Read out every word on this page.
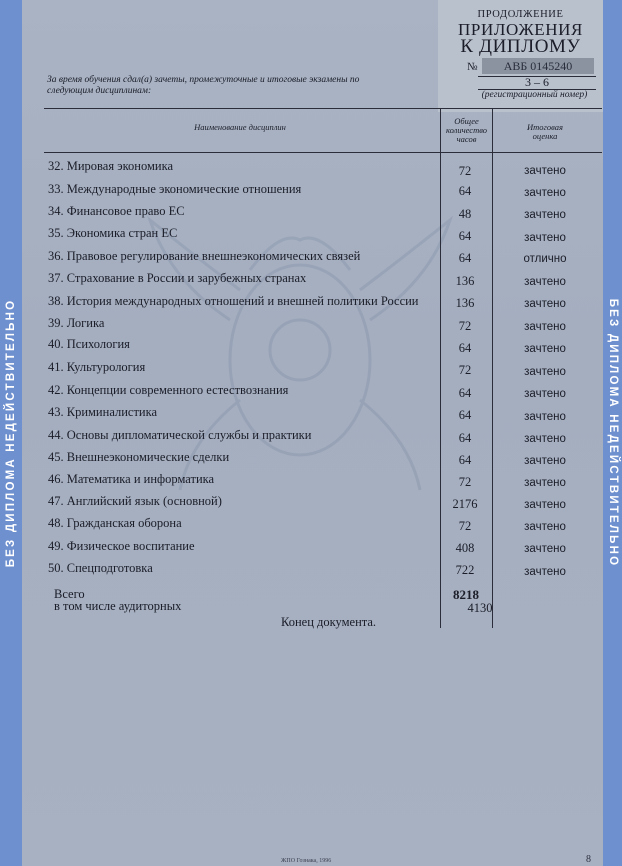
БЕЗ ДИПЛОМА НЕДЕЙСТВИТЕЛЬНО	БЕЗ ДИПЛОМА НЕДЕЙСТВИТЕЛЬНО
ПРОДОЛЖЕНИЕ
ПРИЛОЖЕНИЯ
К ДИПЛОМУ
№	АВБ 0145240
3 – 6
(регистрационный номер)
За время обучения сдал(а) зачеты, промежуточные и итоговые экзамены по следующим дисциплинам:
Наименование дисциплин
Общее
количество
часов
Итоговая
оценка
32. Мировая экономика	72	зачтено
33. Международные экономические отношения	64	зачтено
34. Финансовое право ЕС	48	зачтено
35. Экономика стран ЕС	64	зачтено
36. Правовое регулирование внешнеэкономических связей	64	отлично
37. Страхование в России и зарубежных странах	136	зачтено
38. История международных отношений и внешней политики России	136	зачтено
39. Логика	72	зачтено
40. Психология	64	зачтено
41. Культурология	72	зачтено
42. Концепции современного естествознания	64	зачтено
43. Криминалистика	64	зачтено
44. Основы дипломатической службы и практики	64	зачтено
45. Внешнеэкономические сделки	64	зачтено
46. Математика и информатика	72	зачтено
47. Английский язык (основной)	2176	зачтено
48. Гражданская оборона	72	зачтено
49. Физическое воспитание	408	зачтено
50. Спецподготовка	722	зачтено
Всего	8218
в том числе аудиторных	4130
Конец документа.
ЖПО Гознака, 1996	8
